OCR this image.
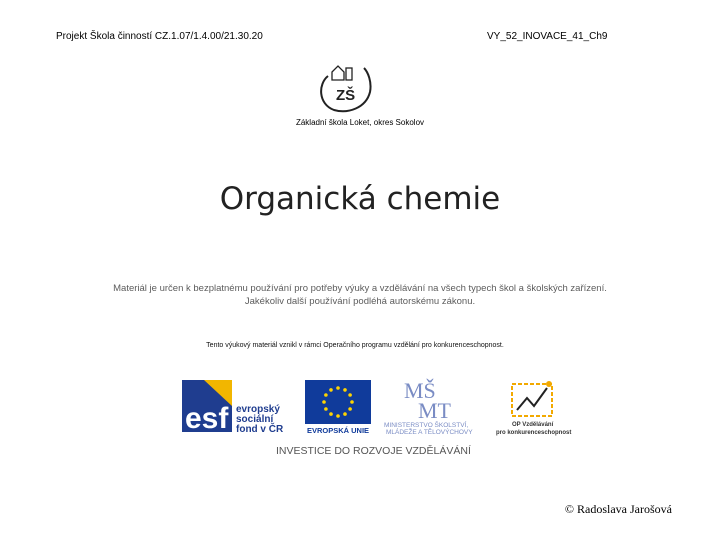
Projekt Škola činností CZ.1.07/1.4.00/21.30.20	VY_52_INOVACE_41_Ch9
ZŠ
Základní škola Loket, okres Sokolov
Organická chemie
Materiál je určen k bezplatnému používání pro potřeby výuky a vzdělávání na všech typech škol a školských zařízení.
Jakékoliv další používání podléhá autorskému zákonu.
Tento výukový materiál vznikl v rámci Operačního programu vzdělání pro konkurenceschopnost.
esf evropský
sociální
fond v ČR	EVROPSKÁ UNIE
MŠ
MT
MINISTERSTVO ŠKOLSTVÍ,
MLÁDEŽE A TĚLOVÝCHOVY
OP Vzdělávání
pro konkurenceschopnost
INVESTICE DO ROZVOJE VZDĚLÁVÁNÍ
© Radoslava Jarošová
